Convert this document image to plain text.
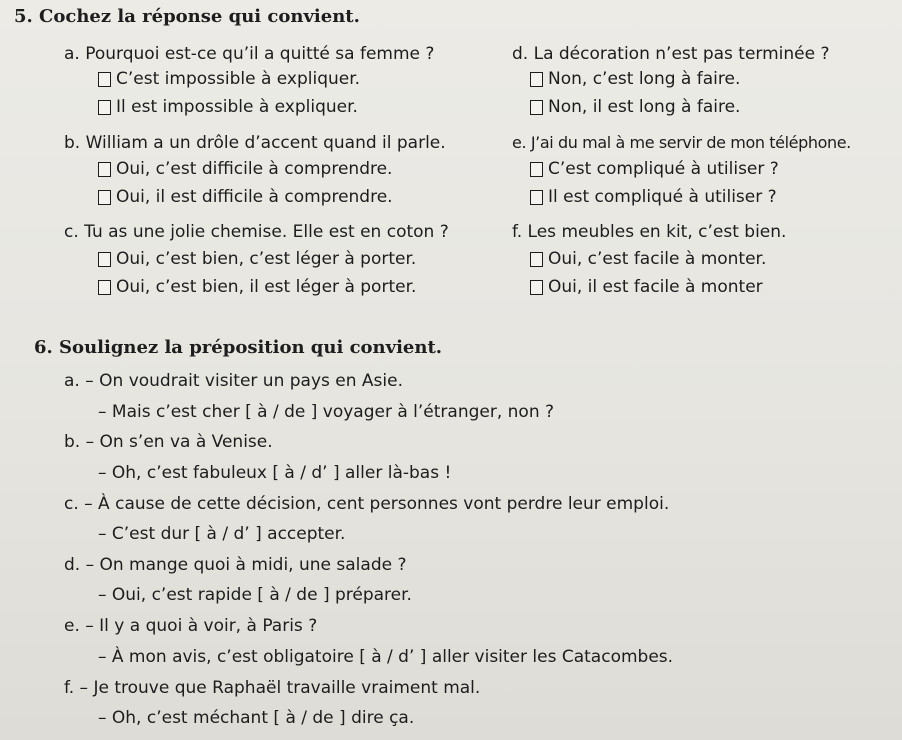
5. Cochez la réponse qui convient.
a. Pourquoi est-ce qu’il a quitté sa femme ?
C’est impossible à expliquer.
Il est impossible à expliquer.
d. La décoration n’est pas terminée ?
Non, c’est long à faire.
Non, il est long à faire.
b. William a un drôle d’accent quand il parle.
Oui, c’est difficile à comprendre.
Oui, il est difficile à comprendre.
e. J’ai du mal à me servir de mon téléphone.
C’est compliqué à utiliser ?
Il est compliqué à utiliser ?
c. Tu as une jolie chemise. Elle est en coton ?
Oui, c’est bien, c’est léger à porter.
Oui, c’est bien, il est léger à porter.
f. Les meubles en kit, c’est bien.
Oui, c’est facile à monter.
Oui, il est facile à monter
6. Soulignez la préposition qui convient.
a. – On voudrait visiter un pays en Asie.
– Mais c’est cher [ à / de ] voyager à l’étranger, non ?
b. – On s’en va à Venise.
– Oh, c’est fabuleux [ à / d’ ] aller là-bas !
c. – À cause de cette décision, cent personnes vont perdre leur emploi.
– C’est dur [ à / d’ ] accepter.
d. – On mange quoi à midi, une salade ?
– Oui, c’est rapide [ à / de ] préparer.
e. – Il y a quoi à voir, à Paris ?
– À mon avis, c’est obligatoire [ à / d’ ] aller visiter les Catacombes.
f. – Je trouve que Raphaël travaille vraiment mal.
– Oh, c’est méchant [ à / de ] dire ça.
